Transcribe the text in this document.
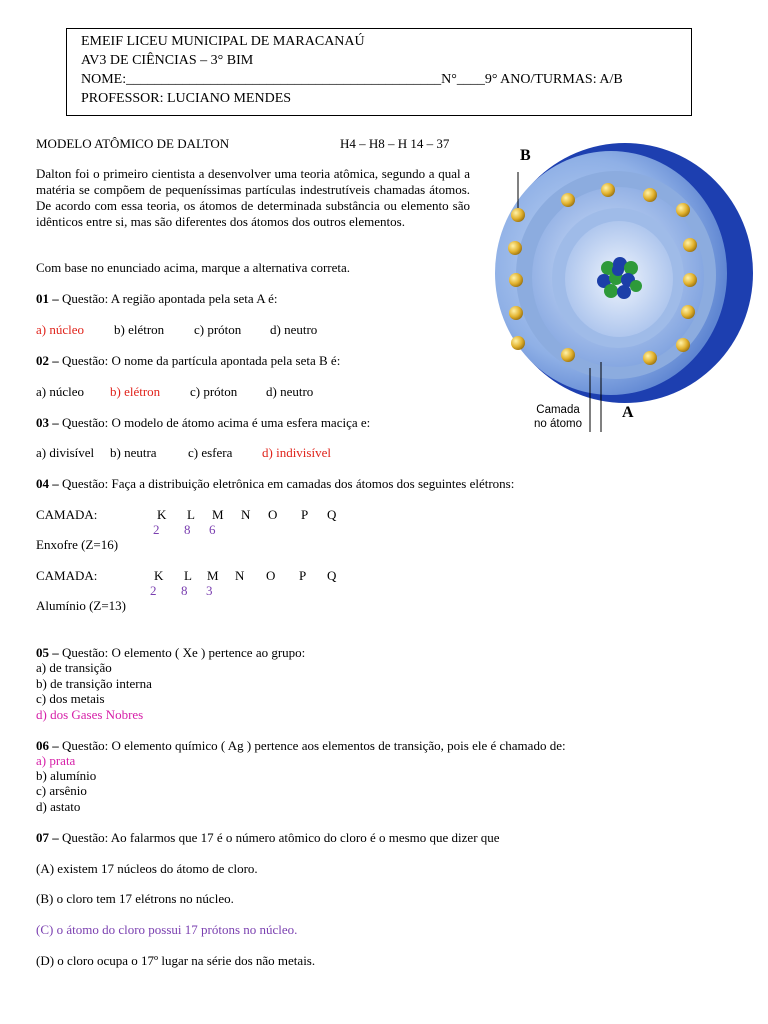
EMEIF LICEU MUNICIPAL DE MARACANAÚ
AV3 DE CIÊNCIAS – 3° BIM
NOME:_____________________________________________N°____9° ANO/TURMAS: A/B
PROFESSOR: LUCIANO MENDES
MODELO ATÔMICO DE DALTON	H4 – H8 – H 14 – 37
Dalton foi o primeiro cientista a desenvolver uma teoria atômica, segundo a qual a matéria se compõem de pequeníssimas partículas indestrutíveis chamadas átomos. De acordo com essa teoria, os átomos de determinada substância ou elemento são idênticos entre si, mas são diferentes dos átomos dos outros elementos.
Com base no enunciado acima, marque a alternativa correta.
B
A
Camada
no átomo
01 – Questão: A região apontada pela seta A é:
a) núcleo b) elétron c) próton d) neutro
02 – Questão: O nome da partícula apontada pela seta B é:
a) núcleo b) elétron c) próton d) neutro
03 – Questão: O modelo de átomo acima é uma esfera maciça e:
a) divisível b) neutra c) esfera d) indivisível
04 – Questão: Faça a distribuição eletrônica em camadas dos átomos dos seguintes elétrons:
CAMADA:	K L M N O P Q
2 8 6
Enxofre (Z=16)
CAMADA:	K L M N O P Q
2 8 3
Alumínio (Z=13)
05 – Questão: O elemento ( Xe ) pertence ao grupo:
a) de transição
b) de transição interna
c) dos metais
d) dos Gases Nobres
06 – Questão: O elemento químico ( Ag ) pertence aos elementos de transição, pois ele é chamado de:
a) prata
b) alumínio
c) arsênio
d) astato
07 – Questão: Ao falarmos que 17 é o número atômico do cloro é o mesmo que dizer que
(A) existem 17 núcleos do átomo de cloro.
(B) o cloro tem 17 elétrons no núcleo.
(C) o átomo do cloro possui 17 prótons no núcleo.
(D) o cloro ocupa o 17º lugar na série dos não metais.
